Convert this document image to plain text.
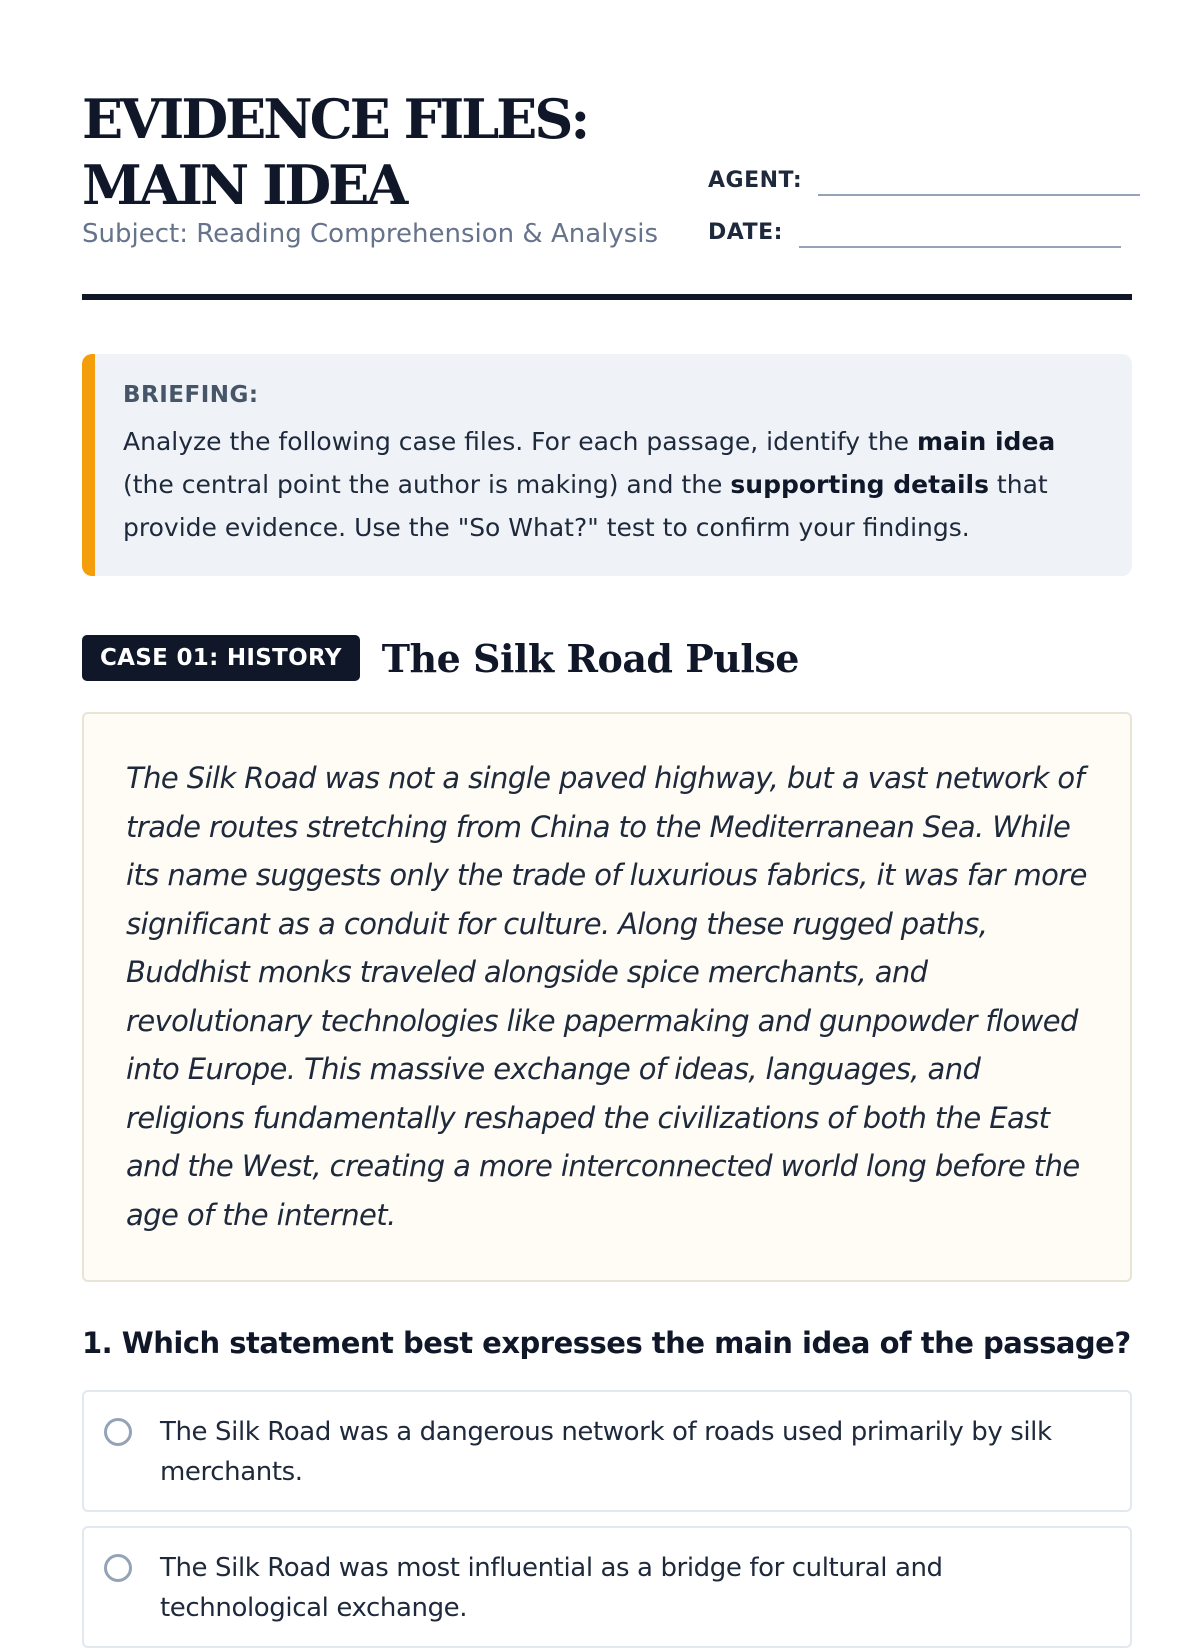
EVIDENCE FILES:
MAIN IDEA
Subject: Reading Comprehension & Analysis
AGENT:
DATE:
BRIEFING:

Analyze the following case files. For each passage, identify the main idea (the central point the author is making) and the supporting details that provide evidence. Use the "So What?" test to confirm your findings.

CASE 01: HISTORY	The Silk Road Pulse

The Silk Road was not a single paved highway, but a vast network of trade routes stretching from China to the Mediterranean Sea. While its name suggests only the trade of luxurious fabrics, it was far more significant as a conduit for culture. Along these rugged paths, Buddhist monks traveled alongside spice merchants, and revolutionary technologies like papermaking and gunpowder flowed into Europe. This massive exchange of ideas, languages, and religions fundamentally reshaped the civilizations of both the East and the West, creating a more interconnected world long before the age of the internet.

1. Which statement best expresses the main idea of the passage?
The Silk Road was a dangerous network of roads used primarily by silk merchants.
The Silk Road was most influential as a bridge for cultural and technological exchange.
